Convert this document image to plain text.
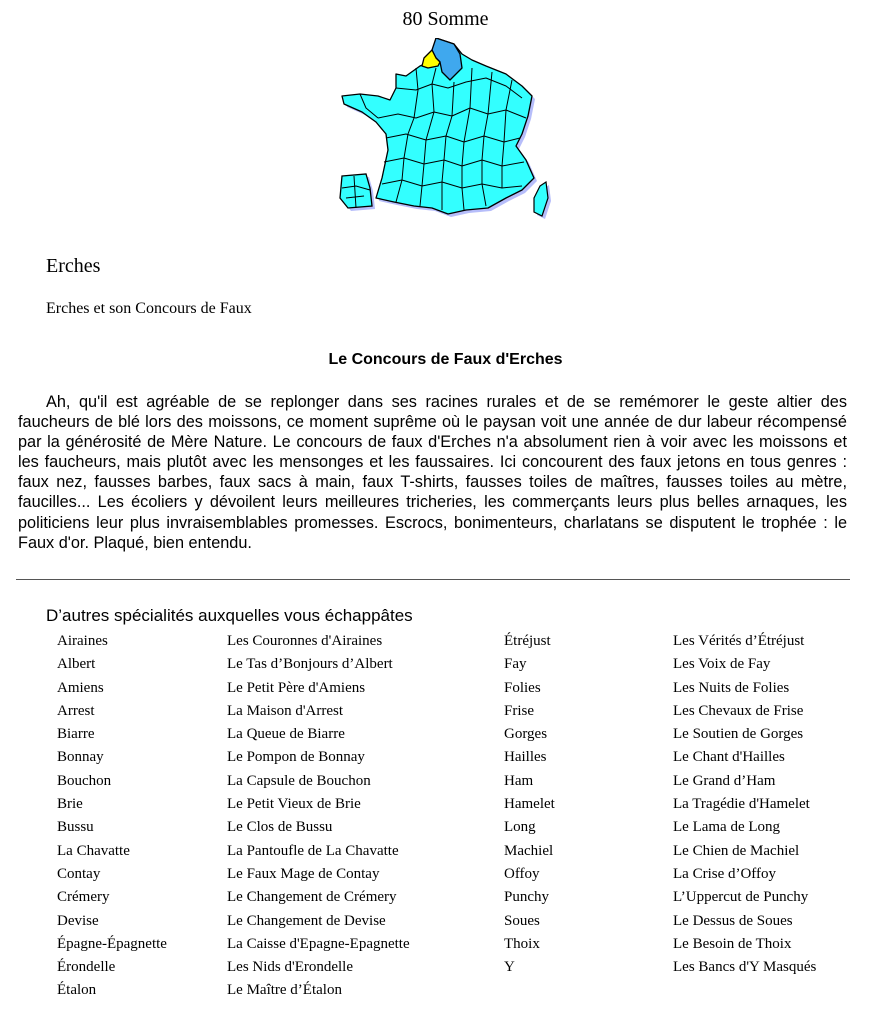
80 Somme
Erches
Erches et son Concours de Faux
Le Concours de Faux d'Erches

Ah, qu'il est agréable de se replonger dans ses racines rurales et de se remémorer le geste altier des faucheurs de blé lors des moissons, ce moment suprême où le paysan voit une année de dur labeur récompensé par la générosité de Mère Nature. Le concours de faux d'Erches n'a absolument rien à voir avec les moissons et les faucheurs, mais plutôt avec les mensonges et les faussaires. Ici concourent des faux jetons en tous genres : faux nez, fausses barbes, faux sacs à main, faux T-shirts, fausses toiles de maîtres, fausses toiles au mètre, faucilles... Les écoliers y dévoilent leurs meilleures tricheries, les commerçants leurs plus belles arnaques, les politiciens leur plus invraisemblables promesses. Escrocs, bonimenteurs, charlatans se disputent le trophée : le Faux d'or. Plaqué, bien entendu.

D’autres spécialités auxquelles vous échappâtes
Airaines	Les Couronnes d'Airaines
Albert	Le Tas d’Bonjours d’Albert
Amiens	Le Petit Père d'Amiens
Arrest	La Maison d'Arrest
Biarre	La Queue de Biarre
Bonnay	Le Pompon de Bonnay
Bouchon	La Capsule de Bouchon
Brie	Le Petit Vieux de Brie
Bussu	Le Clos de Bussu
La Chavatte	La Pantoufle de La Chavatte
Contay	Le Faux Mage de Contay
Crémery	Le Changement de Crémery
Devise	Le Changement de Devise
Épagne-Épagnette	La Caisse d'Epagne-Epagnette
Érondelle	Les Nids d'Erondelle
Étalon	Le Maître d’Étalon
Étréjust	Les Vérités d’Étréjust
Fay	Les Voix de Fay
Folies	Les Nuits de Folies
Frise	Les Chevaux de Frise
Gorges	Le Soutien de Gorges
Hailles	Le Chant d'Hailles
Ham	Le Grand d’Ham
Hamelet	La Tragédie d'Hamelet
Long	Le Lama de Long
Machiel	Le Chien de Machiel
Offoy	La Crise d’Offoy
Punchy	L’Uppercut de Punchy
Soues	Le Dessus de Soues
Thoix	Le Besoin de Thoix
Y	Les Bancs d'Y Masqués
